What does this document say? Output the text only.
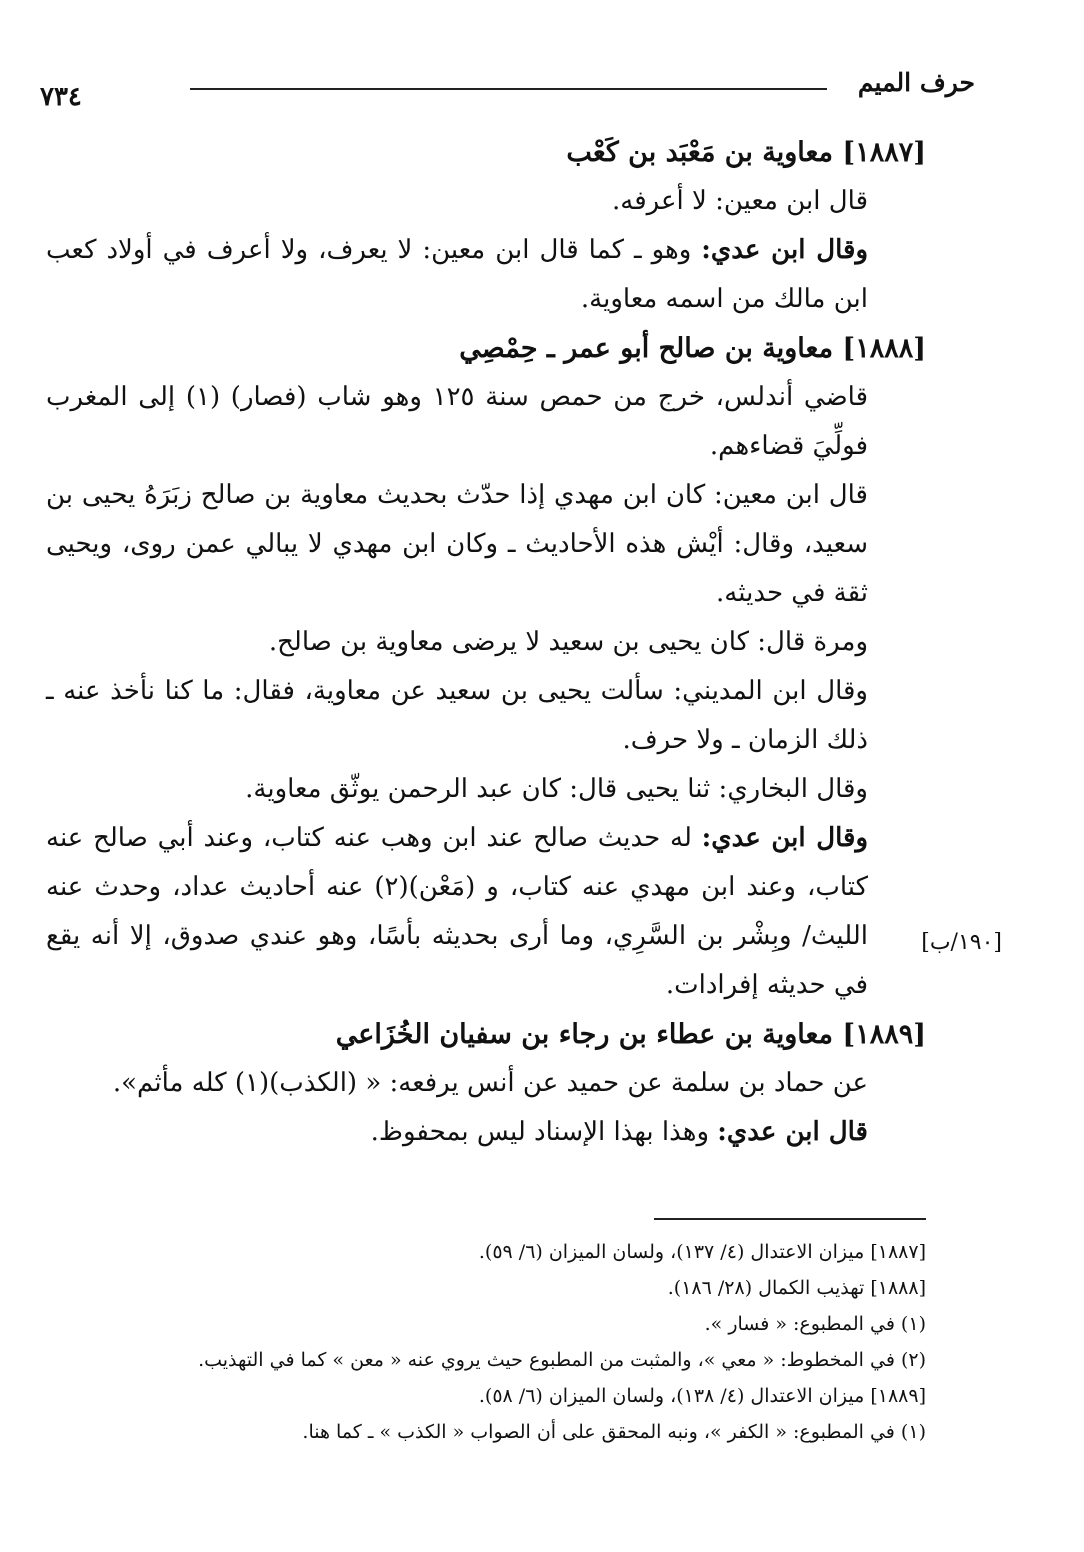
حرف الميم
٧٣٤

[١٨٨٧] معاوية بن مَعْبَد بن كَعْب

قال ابن معين: لا أعرفه.

وقال ابن عدي: وهو ـ كما قال ابن معين: لا يعرف، ولا أعرف في أولاد كعب ابن مالك من اسمه معاوية.

[١٨٨٨] معاوية بن صالح أبو عمر ـ حِمْصِي

قاضي أندلس، خرج من حمص سنة ١٢٥ وهو شاب (فصار) (١) إلى المغرب فولِّيَ قضاءهم.

قال ابن معين: كان ابن مهدي إذا حدّث بحديث معاوية بن صالح زبَرَهُ يحيى بن سعيد، وقال: أيْش هذه الأحاديث ـ وكان ابن مهدي لا يبالي عمن روى، ويحيى ثقة في حديثه.

ومرة قال: كان يحيى بن سعيد لا يرضى معاوية بن صالح.

وقال ابن المديني: سألت يحيى بن سعيد عن معاوية، فقال: ما كنا نأخذ عنه ـ ذلك الزمان ـ ولا حرف.

وقال البخاري: ثنا يحيى قال: كان عبد الرحمن يوثّق معاوية.

وقال ابن عدي: له حديث صالح عند ابن وهب عنه كتاب، وعند أبي صالح عنه كتاب، وعند ابن مهدي عنه كتاب، و (مَعْن)(٢) عنه أحاديث عداد، وحدث عنه الليث/ وبِشْر بن السَّرِي، وما أرى بحديثه بأسًا، وهو عندي صدوق، إلا أنه يقع في حديثه إفرادات.

[١٨٨٩] معاوية بن عطاء بن رجاء بن سفيان الخُزَاعي

عن حماد بن سلمة عن حميد عن أنس يرفعه: « (الكذب)(١) كله مأثم».

قال ابن عدي: وهذا بهذا الإسناد ليس بمحفوظ.

[١٩٠/ب]

[١٨٨٧] ميزان الاعتدال (٤/ ١٣٧)، ولسان الميزان (٦/ ٥٩).

[١٨٨٨] تهذيب الكمال (٢٨/ ١٨٦).

(١) في المطبوع: « فسار ».

(٢) في المخطوط: « معي »، والمثبت من المطبوع حيث يروي عنه « معن » كما في التهذيب.

[١٨٨٩] ميزان الاعتدال (٤/ ١٣٨)، ولسان الميزان (٦/ ٥٨).

(١) في المطبوع: « الكفر »، ونبه المحقق على أن الصواب « الكذب » ـ كما هنا.
